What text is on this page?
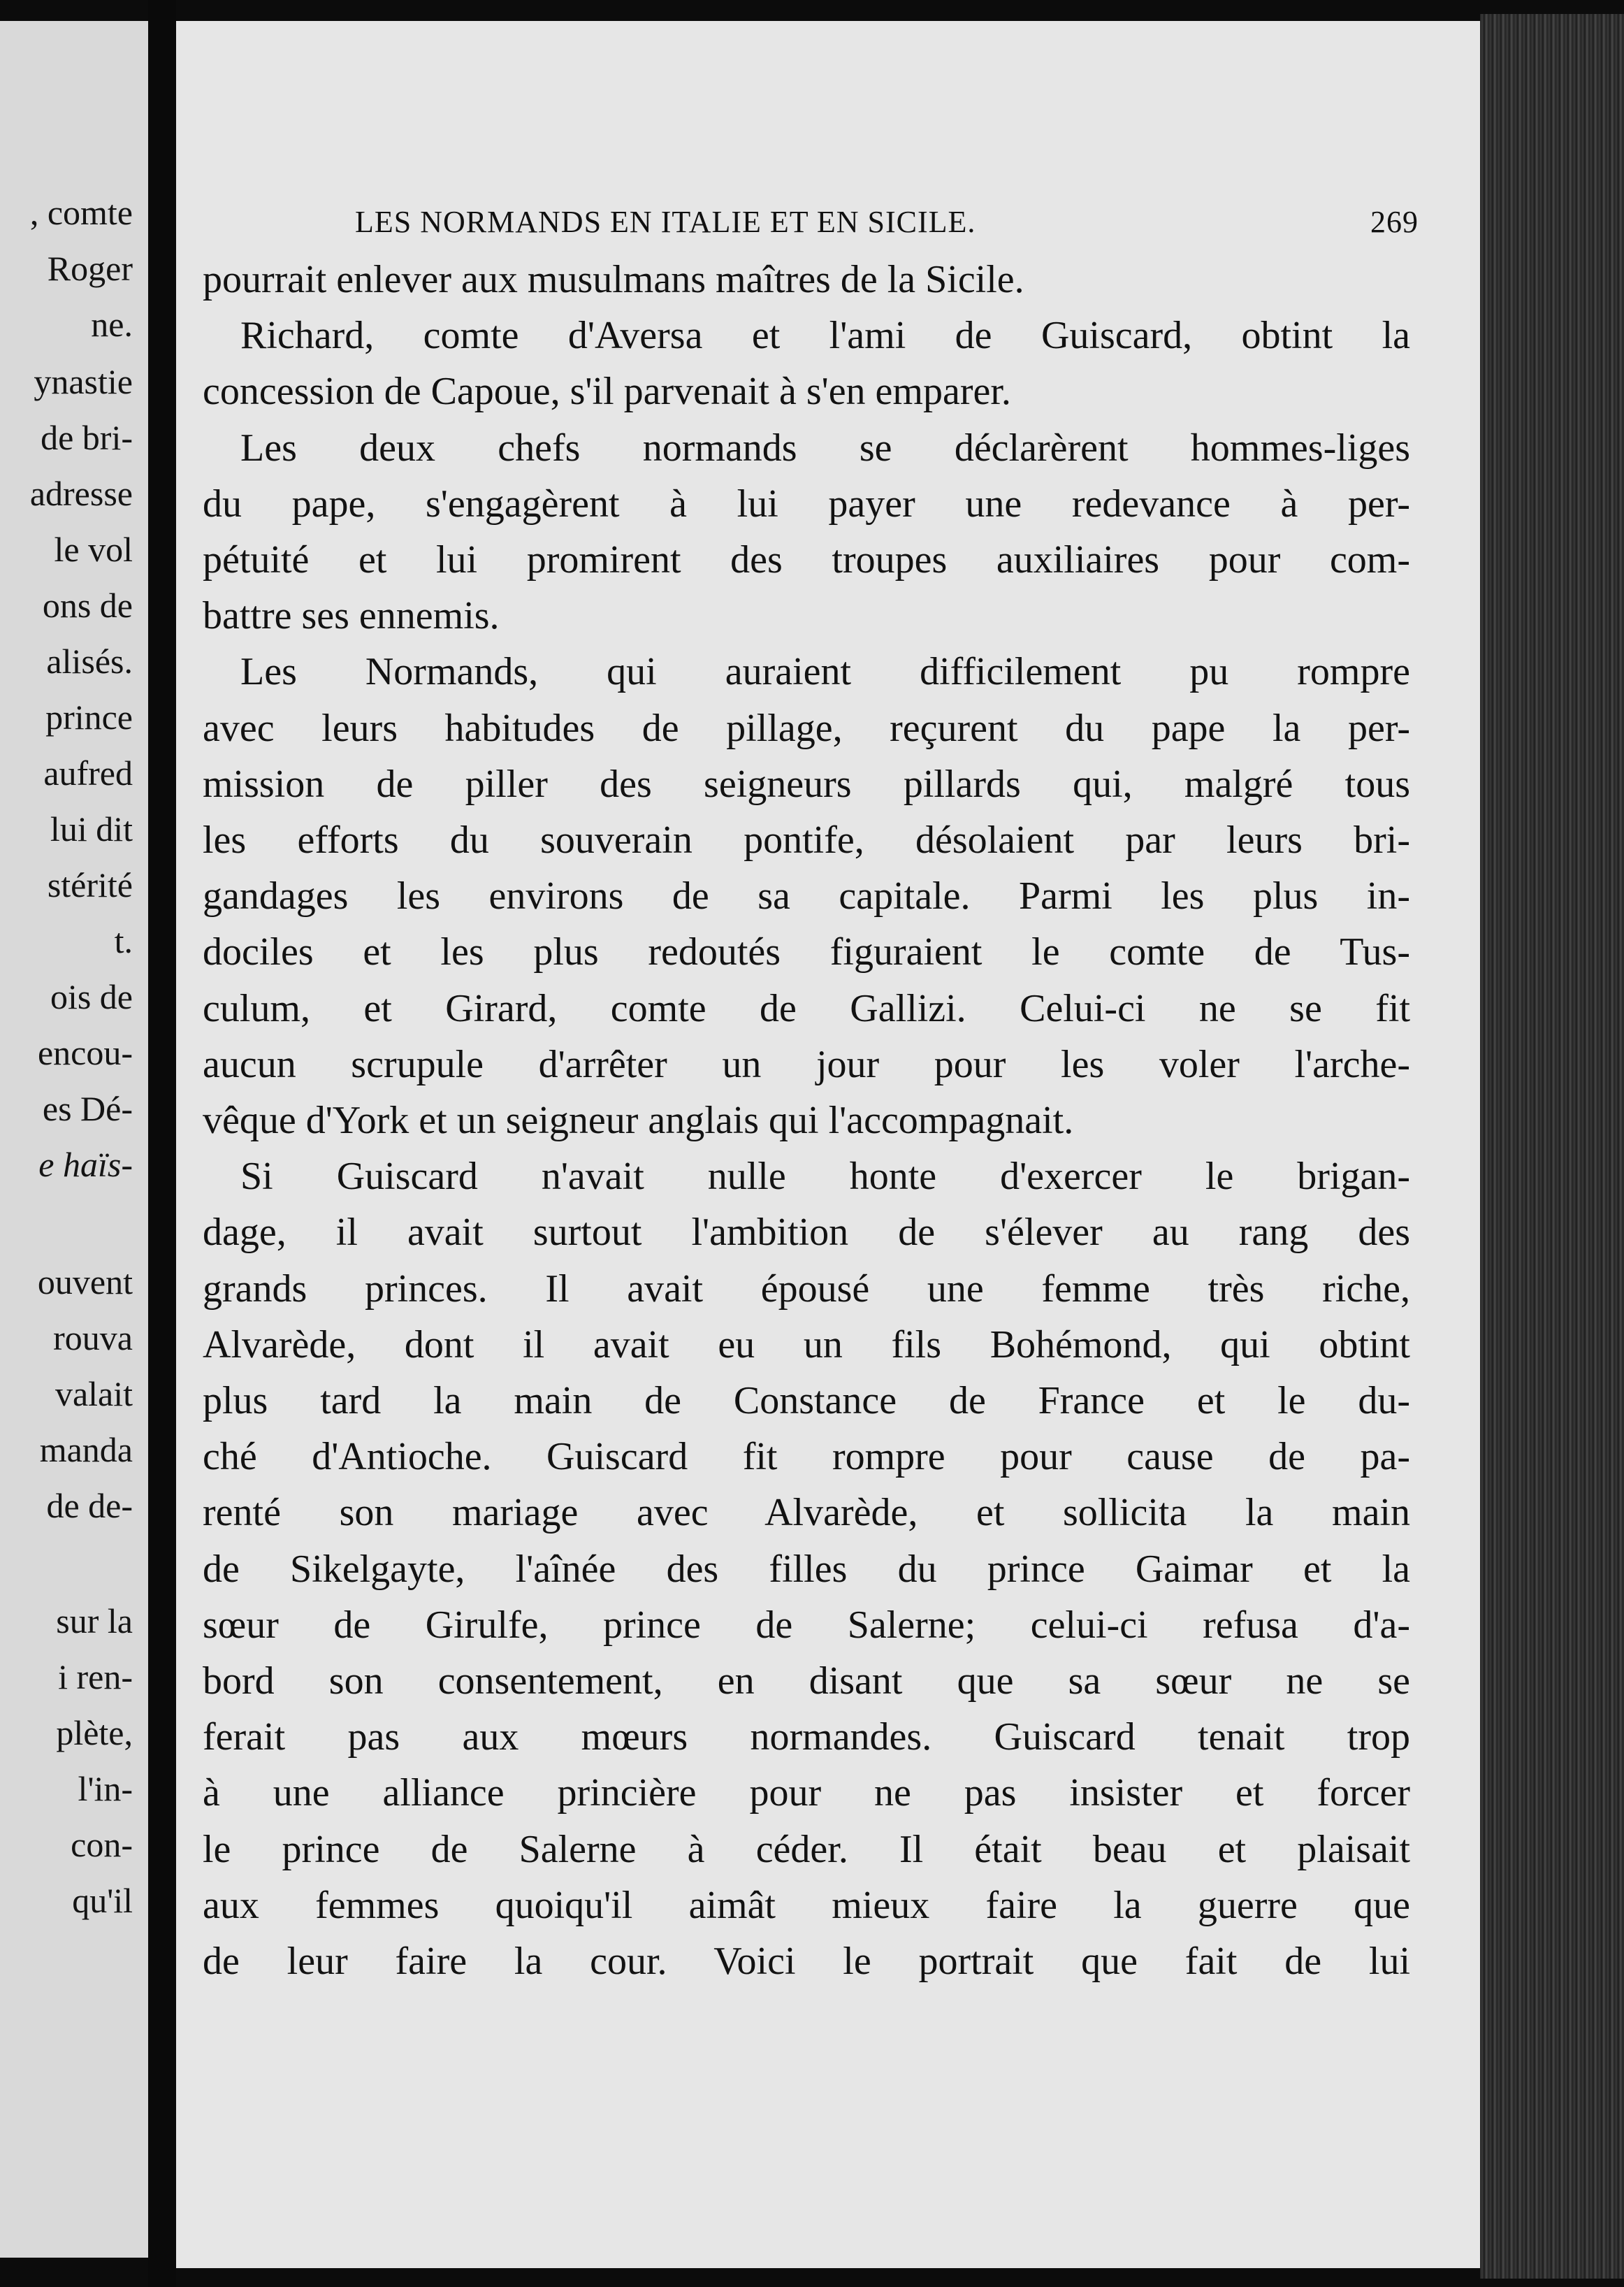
, comte
Roger
ne.
ynastie
de bri-
adresse
le vol
ons de
alisés.
prince
aufred
lui dit
stérité
t.
ois de
encou-
es Dé-
e haïs-
ouvent
rouva
valait
manda
de de-
sur la
i ren-
plète,
l'in-
con-
qu'il
LES NORMANDS EN ITALIE ET EN SICILE.	269
pourrait enlever aux musulmans maîtres de la Sicile.
Richard, comte d'Aversa et l'ami de Guiscard, obtint la
concession de Capoue, s'il parvenait à s'en emparer.
Les deux chefs normands se déclarèrent hommes-liges
du pape, s'engagèrent à lui payer une redevance à per-
pétuité et lui promirent des troupes auxiliaires pour com-
battre ses ennemis.
Les Normands, qui auraient difficilement pu rompre
avec leurs habitudes de pillage, reçurent du pape la per-
mission de piller des seigneurs pillards qui, malgré tous
les efforts du souverain pontife, désolaient par leurs bri-
gandages les environs de sa capitale. Parmi les plus in-
dociles et les plus redoutés figuraient le comte de Tus-
culum, et Girard, comte de Gallizi. Celui-ci ne se fit
aucun scrupule d'arrêter un jour pour les voler l'arche-
vêque d'York et un seigneur anglais qui l'accompagnait.
Si Guiscard n'avait nulle honte d'exercer le brigan-
dage, il avait surtout l'ambition de s'élever au rang des
grands princes. Il avait épousé une femme très riche,
Alvarède, dont il avait eu un fils Bohémond, qui obtint
plus tard la main de Constance de France et le du-
ché d'Antioche. Guiscard fit rompre pour cause de pa-
renté son mariage avec Alvarède, et sollicita la main
de Sikelgayte, l'aînée des filles du prince Gaimar et la
sœur de Girulfe, prince de Salerne; celui-ci refusa d'a-
bord son consentement, en disant que sa sœur ne se
ferait pas aux mœurs normandes. Guiscard tenait trop
à une alliance princière pour ne pas insister et forcer
le prince de Salerne à céder. Il était beau et plaisait
aux femmes quoiqu'il aimât mieux faire la guerre que
de leur faire la cour. Voici le portrait que fait de lui
